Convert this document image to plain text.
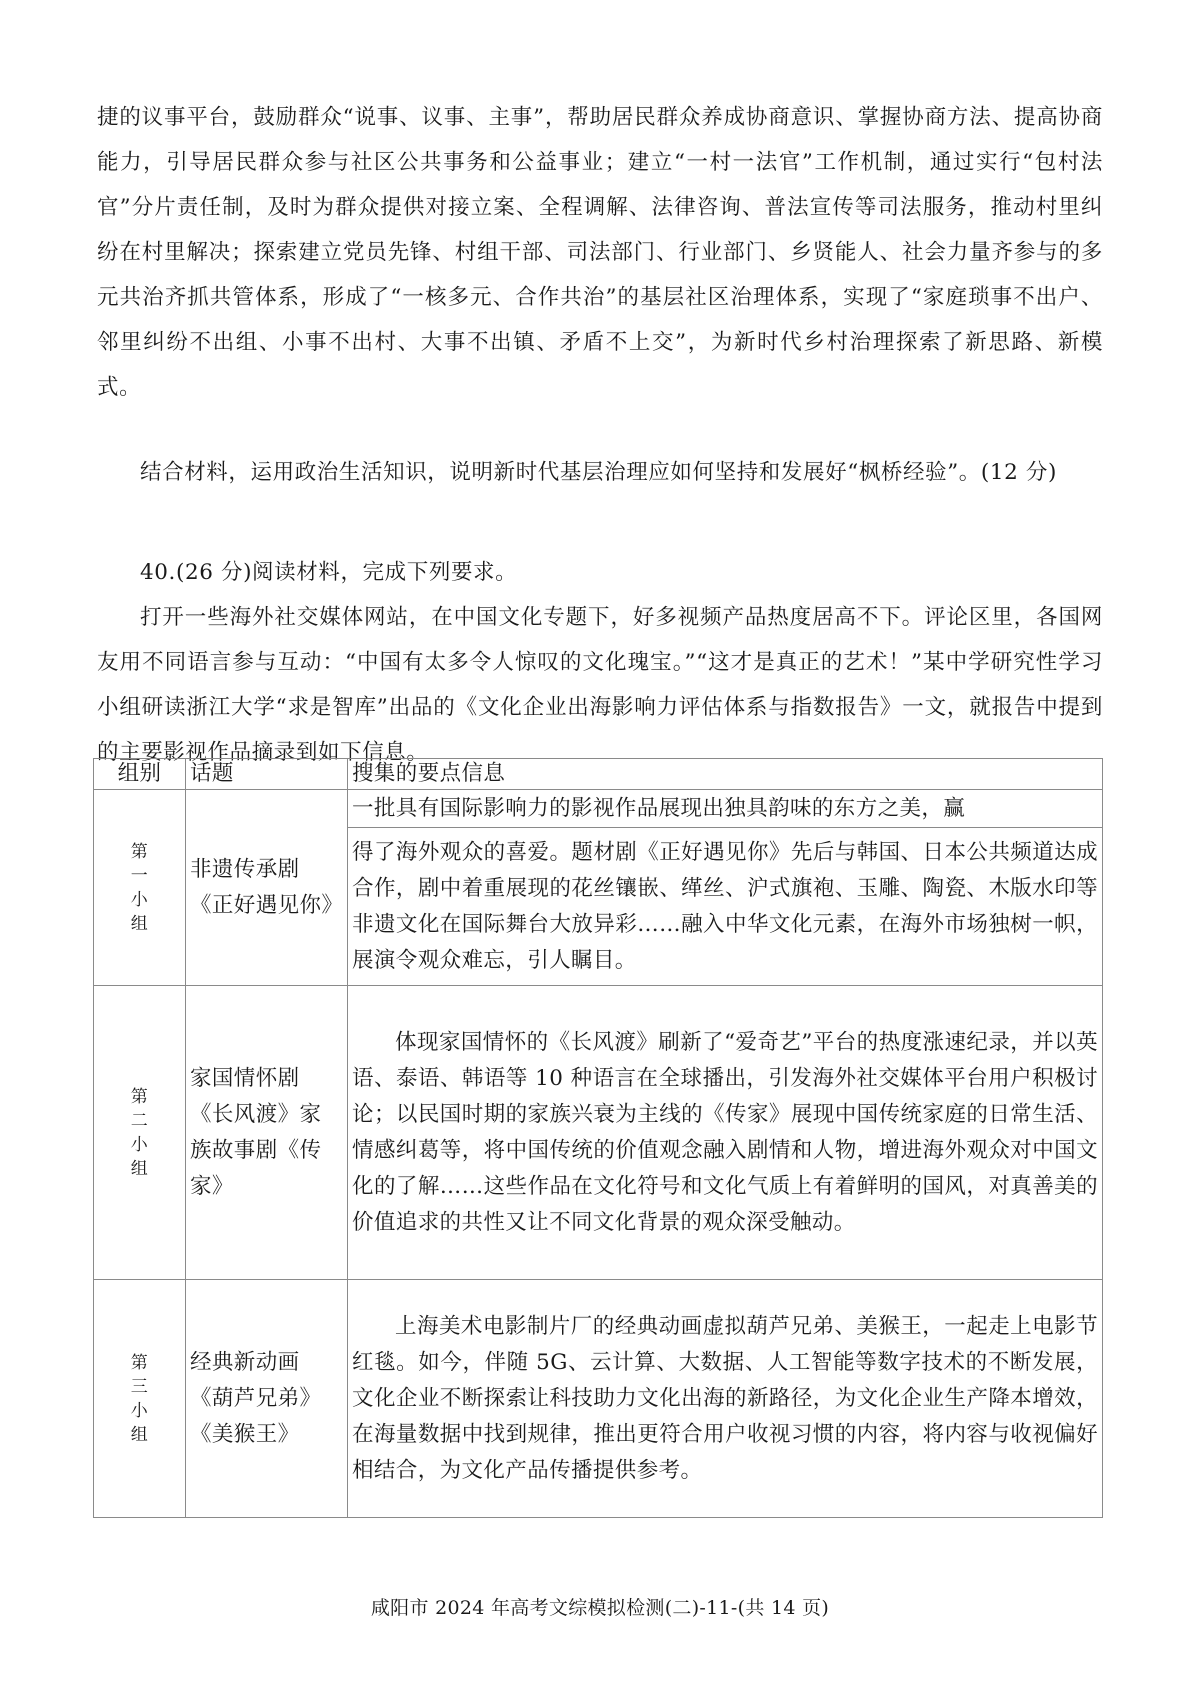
捷的议事平台，鼓励群众“说事、议事、主事”，帮助居民群众养成协商意识、掌握协商方法、提高协商能力，引导居民群众参与社区公共事务和公益事业；建立“一村一法官”工作机制，通过实行“包村法官”分片责任制，及时为群众提供对接立案、全程调解、法律咨询、普法宣传等司法服务，推动村里纠纷在村里解决；探索建立党员先锋、村组干部、司法部门、行业部门、乡贤能人、社会力量齐参与的多元共治齐抓共管体系，形成了“一核多元、合作共治”的基层社区治理体系，实现了“家庭琐事不出户、邻里纠纷不出组、小事不出村、大事不出镇、矛盾不上交”，为新时代乡村治理探索了新思路、新模式。

结合材料，运用政治生活知识，说明新时代基层治理应如何坚持和发展好“枫桥经验”。(12 分)

40.(26 分)阅读材料，完成下列要求。

打开一些海外社交媒体网站，在中国文化专题下，好多视频产品热度居高不下。评论区里，各国网友用不同语言参与互动：“中国有太多令人惊叹的文化瑰宝。”“这才是真正的艺术！”某中学研究性学习小组研读浙江大学“求是智库”出品的《文化企业出海影响力评估体系与指数报告》一文，就报告中提到的主要影视作品摘录到如下信息。

组别	话题	搜集的要点信息
第一小组	非遗传承剧《正好遇见你》	一批具有国际影响力的影视作品展现出独具韵味的东方之美，赢
		得了海外观众的喜爱。题材剧《正好遇见你》先后与韩国、日本公共频道达成合作，剧中着重展现的花丝镶嵌、缂丝、沪式旗袍、玉雕、陶瓷、木版水印等非遗文化在国际舞台大放异彩……融入中华文化元素，在海外市场独树一帜，展演令观众难忘，引人瞩目。
第二小组	家国情怀剧《长风渡》家族故事剧《传家》	体现家国情怀的《长风渡》刷新了“爱奇艺”平台的热度涨速纪录，并以英语、泰语、韩语等 10 种语言在全球播出，引发海外社交媒体平台用户积极讨论；以民国时期的家族兴衰为主线的《传家》展现中国传统家庭的日常生活、情感纠葛等，将中国传统的价值观念融入剧情和人物，增进海外观众对中国文化的了解……这些作品在文化符号和文化气质上有着鲜明的国风，对真善美的价值追求的共性又让不同文化背景的观众深受触动。

第三小组	经典新动画《葫芦兄弟》《美猴王》	上海美术电影制片厂的经典动画虚拟葫芦兄弟、美猴王，一起走上电影节红毯。如今，伴随 5G、云计算、大数据、人工智能等数字技术的不断发展，文化企业不断探索让科技助力文化出海的新路径，为文化企业生产降本增效，在海量数据中找到规律，推出更符合用户收视习惯的内容，将内容与收视偏好相结合，为文化产品传播提供参考。
咸阳市 2024 年高考文综模拟检测(二)-11-(共 14 页)
